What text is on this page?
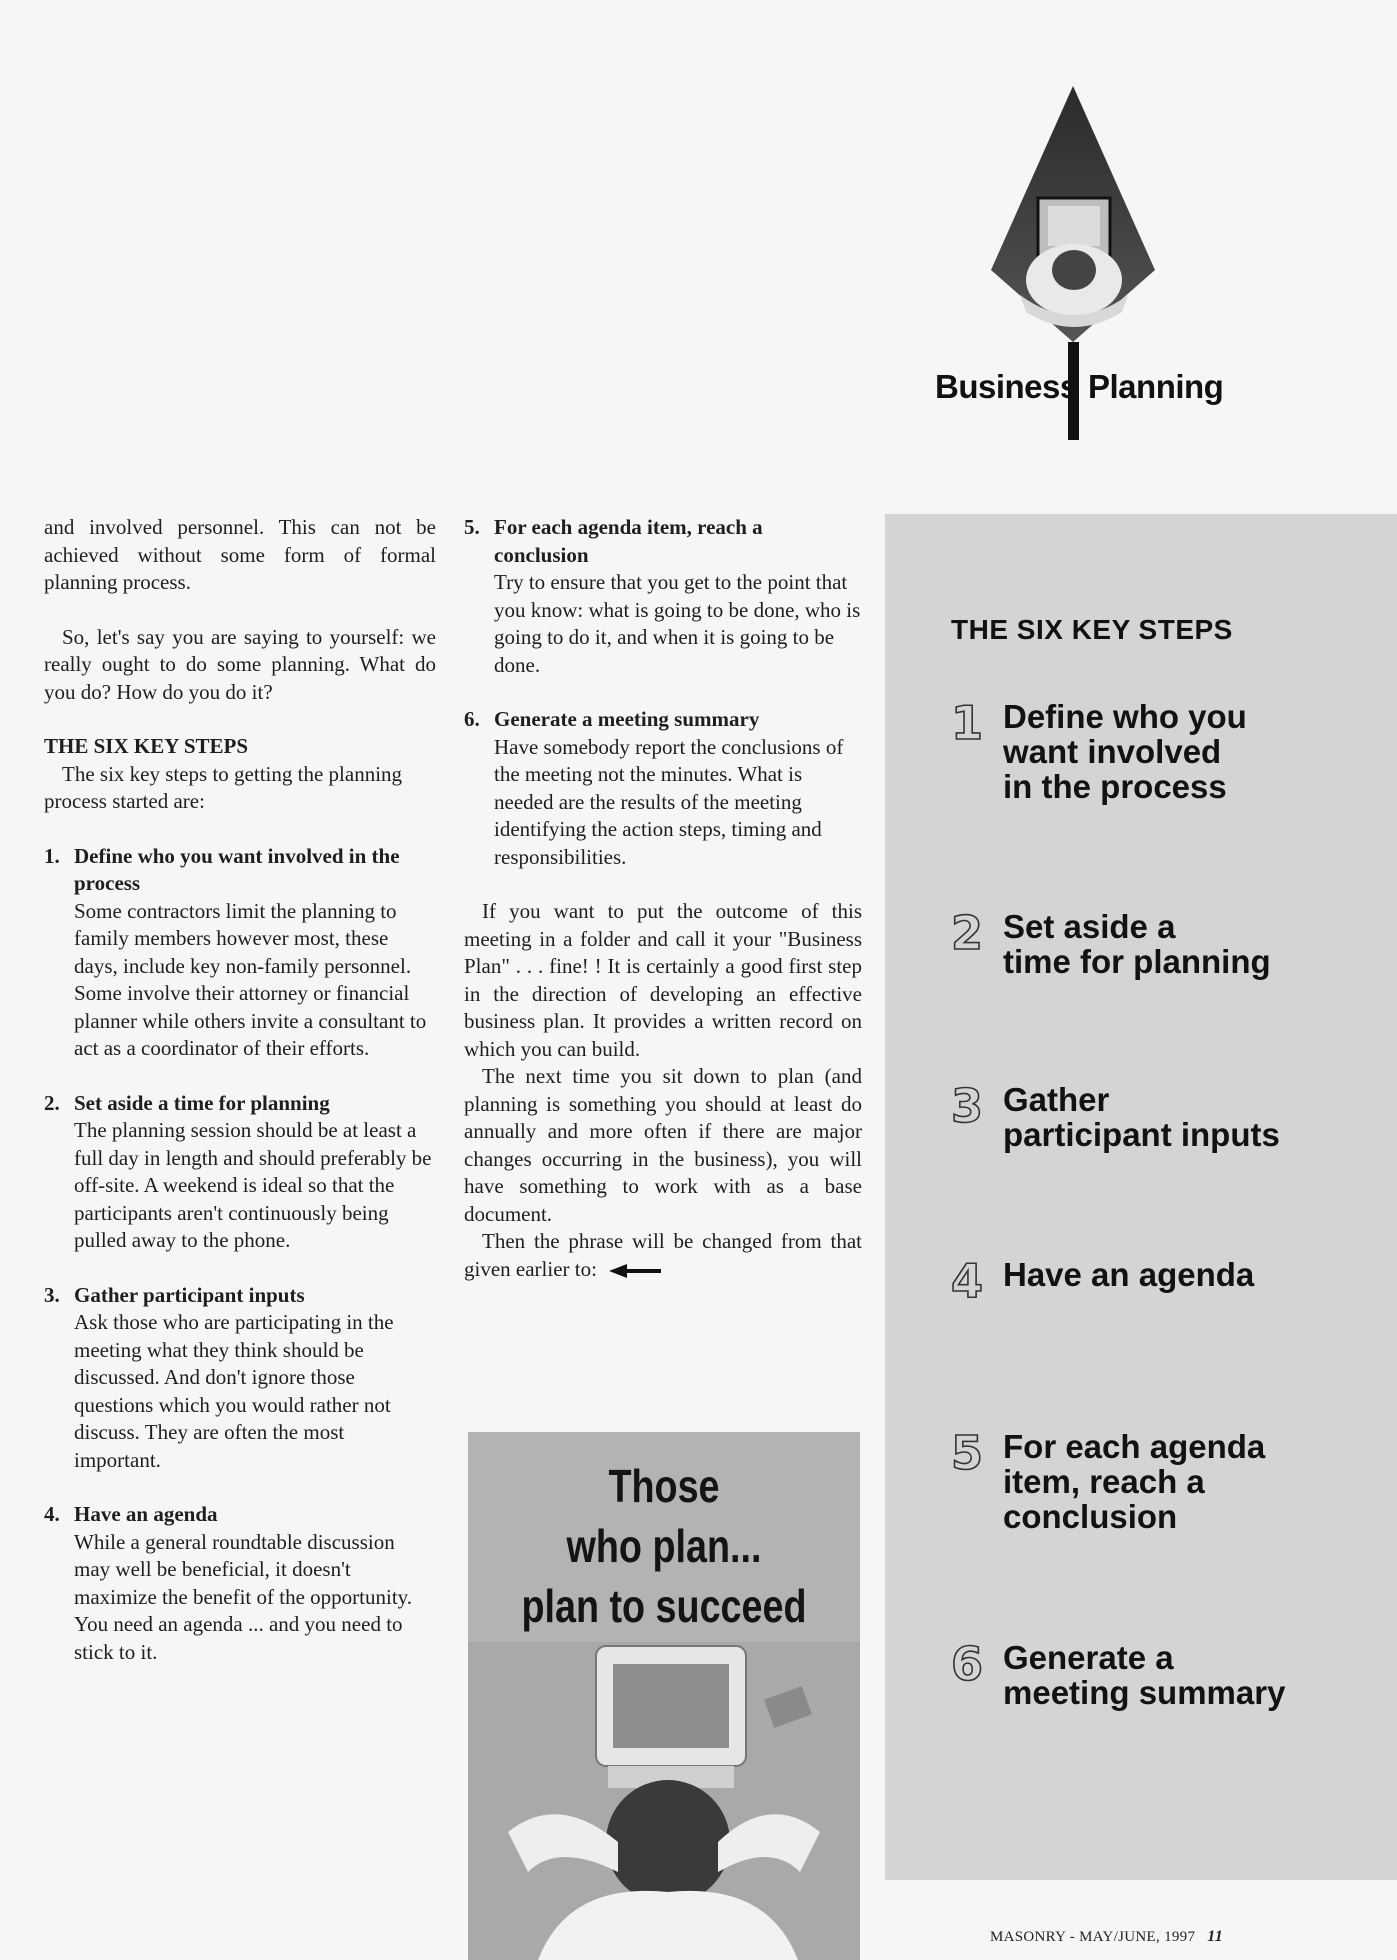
Business Planning

and involved personnel. This can not be achieved without some form of formal planning process.

So, let's say you are saying to yourself: we really ought to do some planning. What do you do? How do you do it?

THE SIX KEY STEPS

The six key steps to getting the planning process started are:

1. Define who you want involved in the process

Some contractors limit the planning to family members however most, these days, include key non-family personnel. Some involve their attorney or financial planner while others invite a consultant to act as a coordinator of their efforts.

2. Set aside a time for planning

The planning session should be at least a full day in length and should preferably be off-site. A weekend is ideal so that the participants aren't continuously being pulled away to the phone.

3. Gather participant inputs

Ask those who are participating in the meeting what they think should be discussed. And don't ignore those questions which you would rather not discuss. They are often the most important.

4. Have an agenda

While a general roundtable discussion may well be beneficial, it doesn't maximize the benefit of the opportunity. You need an agenda ... and you need to stick to it.

5. For each agenda item, reach a conclusion

Try to ensure that you get to the point that you know: what is going to be done, who is going to do it, and when it is going to be done.

6. Generate a meeting summary

Have somebody report the conclusions of the meeting not the minutes. What is needed are the results of the meeting identifying the action steps, timing and responsibilities.

If you want to put the outcome of this meeting in a folder and call it your "Business Plan" . . . fine! ! It is certainly a good first step in the direction of developing an effective business plan. It provides a written record on which you can build.

The next time you sit down to plan (and planning is something you should at least do annually and more often if there are major changes occurring in the business), you will have something to work with as a base document.

Then the phrase will be changed from that given earlier to:

Those
who plan...
plan to succeed
THE SIX KEY STEPS
1 Define who you
want involved
in the process
2 Set aside a
time for planning
3 Gather
participant inputs
4 Have an agenda
5 For each agenda
item, reach a
conclusion
6 Generate a
meeting summary
MASONRY - MAY/JUNE, 1997 11
